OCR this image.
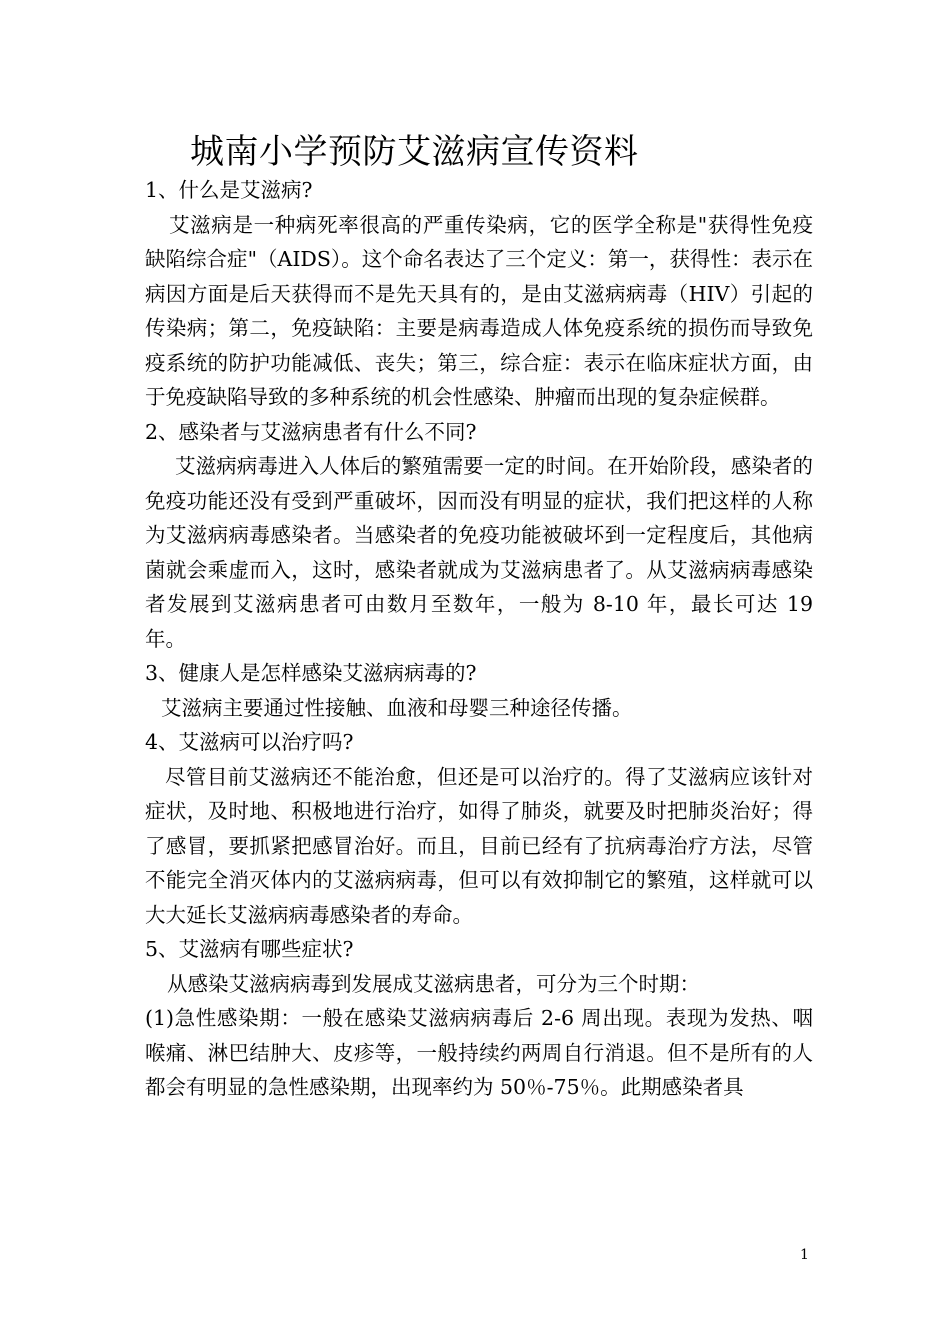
城南小学预防艾滋病宣传资料

1、什么是艾滋病?

艾滋病是一种病死率很高的严重传染病，它的医学全称是"获得性免疫缺陷综合症"（AIDS）。这个命名表达了三个定义：第一，获得性：表示在病因方面是后天获得而不是先天具有的，是由艾滋病病毒（HIV）引起的传染病；第二，免疫缺陷：主要是病毒造成人体免疫系统的损伤而导致免疫系统的防护功能减低、丧失；第三，综合症：表示在临床症状方面，由于免疫缺陷导致的多种系统的机会性感染、肿瘤而出现的复杂症候群。

2、感染者与艾滋病患者有什么不同?

艾滋病病毒进入人体后的繁殖需要一定的时间。在开始阶段，感染者的免疫功能还没有受到严重破坏，因而没有明显的症状，我们把这样的人称为艾滋病病毒感染者。当感染者的免疫功能被破坏到一定程度后，其他病菌就会乘虚而入，这时，感染者就成为艾滋病患者了。从艾滋病病毒感染者发展到艾滋病患者可由数月至数年，一般为 8-10 年，最长可达 19 年。

3、健康人是怎样感染艾滋病病毒的?

艾滋病主要通过性接触、血液和母婴三种途径传播。

4、艾滋病可以治疗吗?

尽管目前艾滋病还不能治愈，但还是可以治疗的。得了艾滋病应该针对症状，及时地、积极地进行治疗，如得了肺炎，就要及时把肺炎治好；得了感冒，要抓紧把感冒治好。而且，目前已经有了抗病毒治疗方法，尽管不能完全消灭体内的艾滋病病毒，但可以有效抑制它的繁殖，这样就可以大大延长艾滋病病毒感染者的寿命。

5、艾滋病有哪些症状?

从感染艾滋病病毒到发展成艾滋病患者，可分为三个时期：

(1)急性感染期：一般在感染艾滋病病毒后 2-6 周出现。表现为发热、咽喉痛、淋巴结肿大、皮疹等，一般持续约两周自行消退。但不是所有的人都会有明显的急性感染期，出现率约为 50％-75％。此期感染者具

1
